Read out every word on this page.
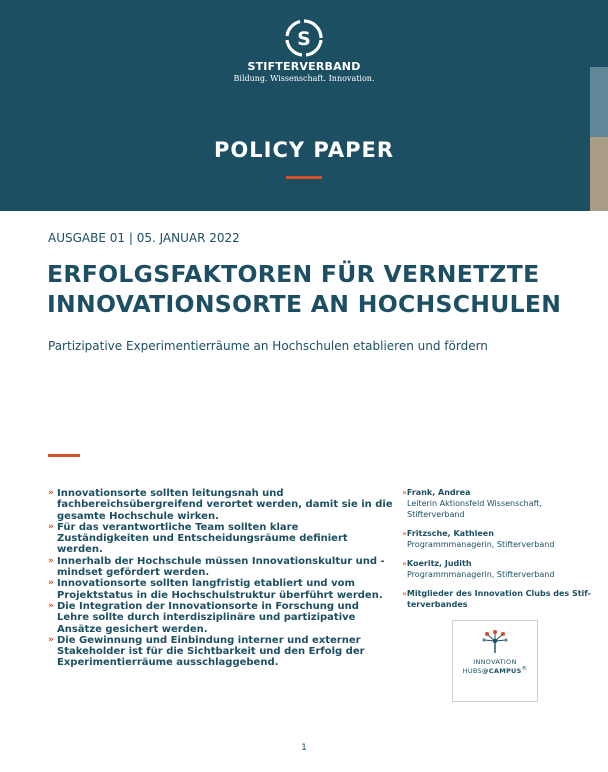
S
STIFTERVERBAND
Bildung. Wissenschaft. Innovation.
POLICY PAPER
AUSGABE 01 | 05. JANUAR 2022
ERFOLGSFAKTOREN FÜR VERNETZTE
INNOVATIONSORTE AN HOCHSCHULEN
Partizipative Experimentierräume an Hochschulen etablieren und fördern
» Innovationsorte sollten leitungsnah und fachbereichsübergreifend verortet werden, damit sie in die gesamte Hochschule wirken.
» Für das verantwortliche Team sollten klare Zuständigkeiten und Entscheidungsräume definiert werden.
» Innerhalb der Hochschule müssen Innovationskultur und -mindset gefördert werden.
» Innovationsorte sollten langfristig etabliert und vom Projektstatus in die Hochschulstruktur überführt werden.
» Die Integration der Innovationsorte in Forschung und Lehre sollte durch interdisziplinäre und partizipative Ansätze gesichert werden.
» Die Gewinnung und Einbindung interner und externer Stakeholder ist für die Sichtbarkeit und den Erfolg der Experimentierräume ausschlaggebend.
»Frank, Andrea
Leiterin Aktionsfeld Wissenschaft,
Stifterverband
»Fritzsche, Kathleen
Programmmanagerin, Stifterverband
»Koeritz, Judith
Programmmanagerin, Stifterverband
»Mitglieder des Innovation Clubs des Stif-
terverbandes
INNOVATION
HUBS@CAMPUS®
1
